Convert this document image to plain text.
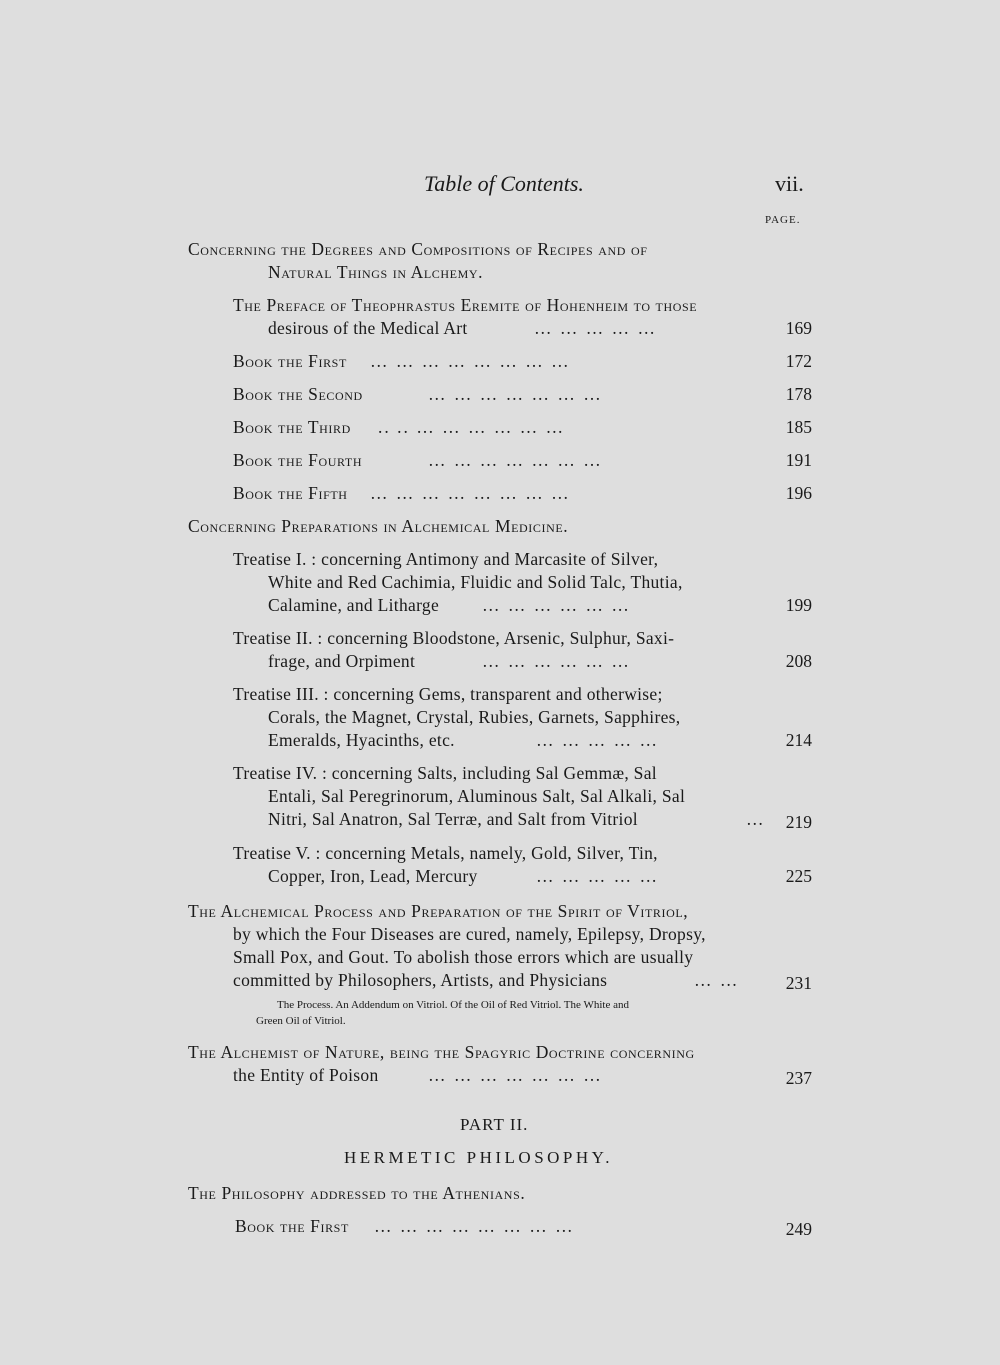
Table of Contents.	vii.
PAGE.
Concerning the Degrees and Compositions of Recipes and of
Natural Things in Alchemy.
The Preface of Theophrastus Eremite of Hohenheim to those
desirous of the Medical Art	… … … … …	169
Book the First … … … … … … … …	172
Book the Second	… … … … … … …	178
Book the Third .. .. … … … … … …	185
Book the Fourth	… … … … … … …	191
Book the Fifth … … … … … … … …	196
Concerning Preparations in Alchemical Medicine.
Treatise I. : concerning Antimony and Marcasite of Silver,
White and Red Cachimia, Fluidic and Solid Talc, Thutia,
Calamine, and Litharge … … … … … …	199
Treatise II. : concerning Bloodstone, Arsenic, Sulphur, Saxi-
frage, and Orpiment	… … … … … …	208
Treatise III. : concerning Gems, transparent and otherwise;
Corals, the Magnet, Crystal, Rubies, Garnets, Sapphires,
Emeralds, Hyacinths, etc.	… … … … …	214
Treatise IV. : concerning Salts, including Sal Gemmæ, Sal
Entali, Sal Peregrinorum, Aluminous Salt, Sal Alkali, Sal
Nitri, Sal Anatron, Sal Terræ, and Salt from Vitriol	…	219
Treatise V. : concerning Metals, namely, Gold, Silver, Tin,
Copper, Iron, Lead, Mercury	… … … … …	225
The Alchemical Process and Preparation of the Spirit of Vitriol,
by which the Four Diseases are cured, namely, Epilepsy, Dropsy,
Small Pox, and Gout. To abolish those errors which are usually
committed by Philosophers, Artists, and Physicians	… …	231
The Process. An Addendum on Vitriol. Of the Oil of Red Vitriol. The White and
Green Oil of Vitriol.
The Alchemist of Nature, being the Spagyric Doctrine concerning
the Entity of Poison	… … … … … … …	237
PART II.
HERMETIC PHILOSOPHY.
The Philosophy addressed to the Athenians.
Book the First … … … … … … … …	249
